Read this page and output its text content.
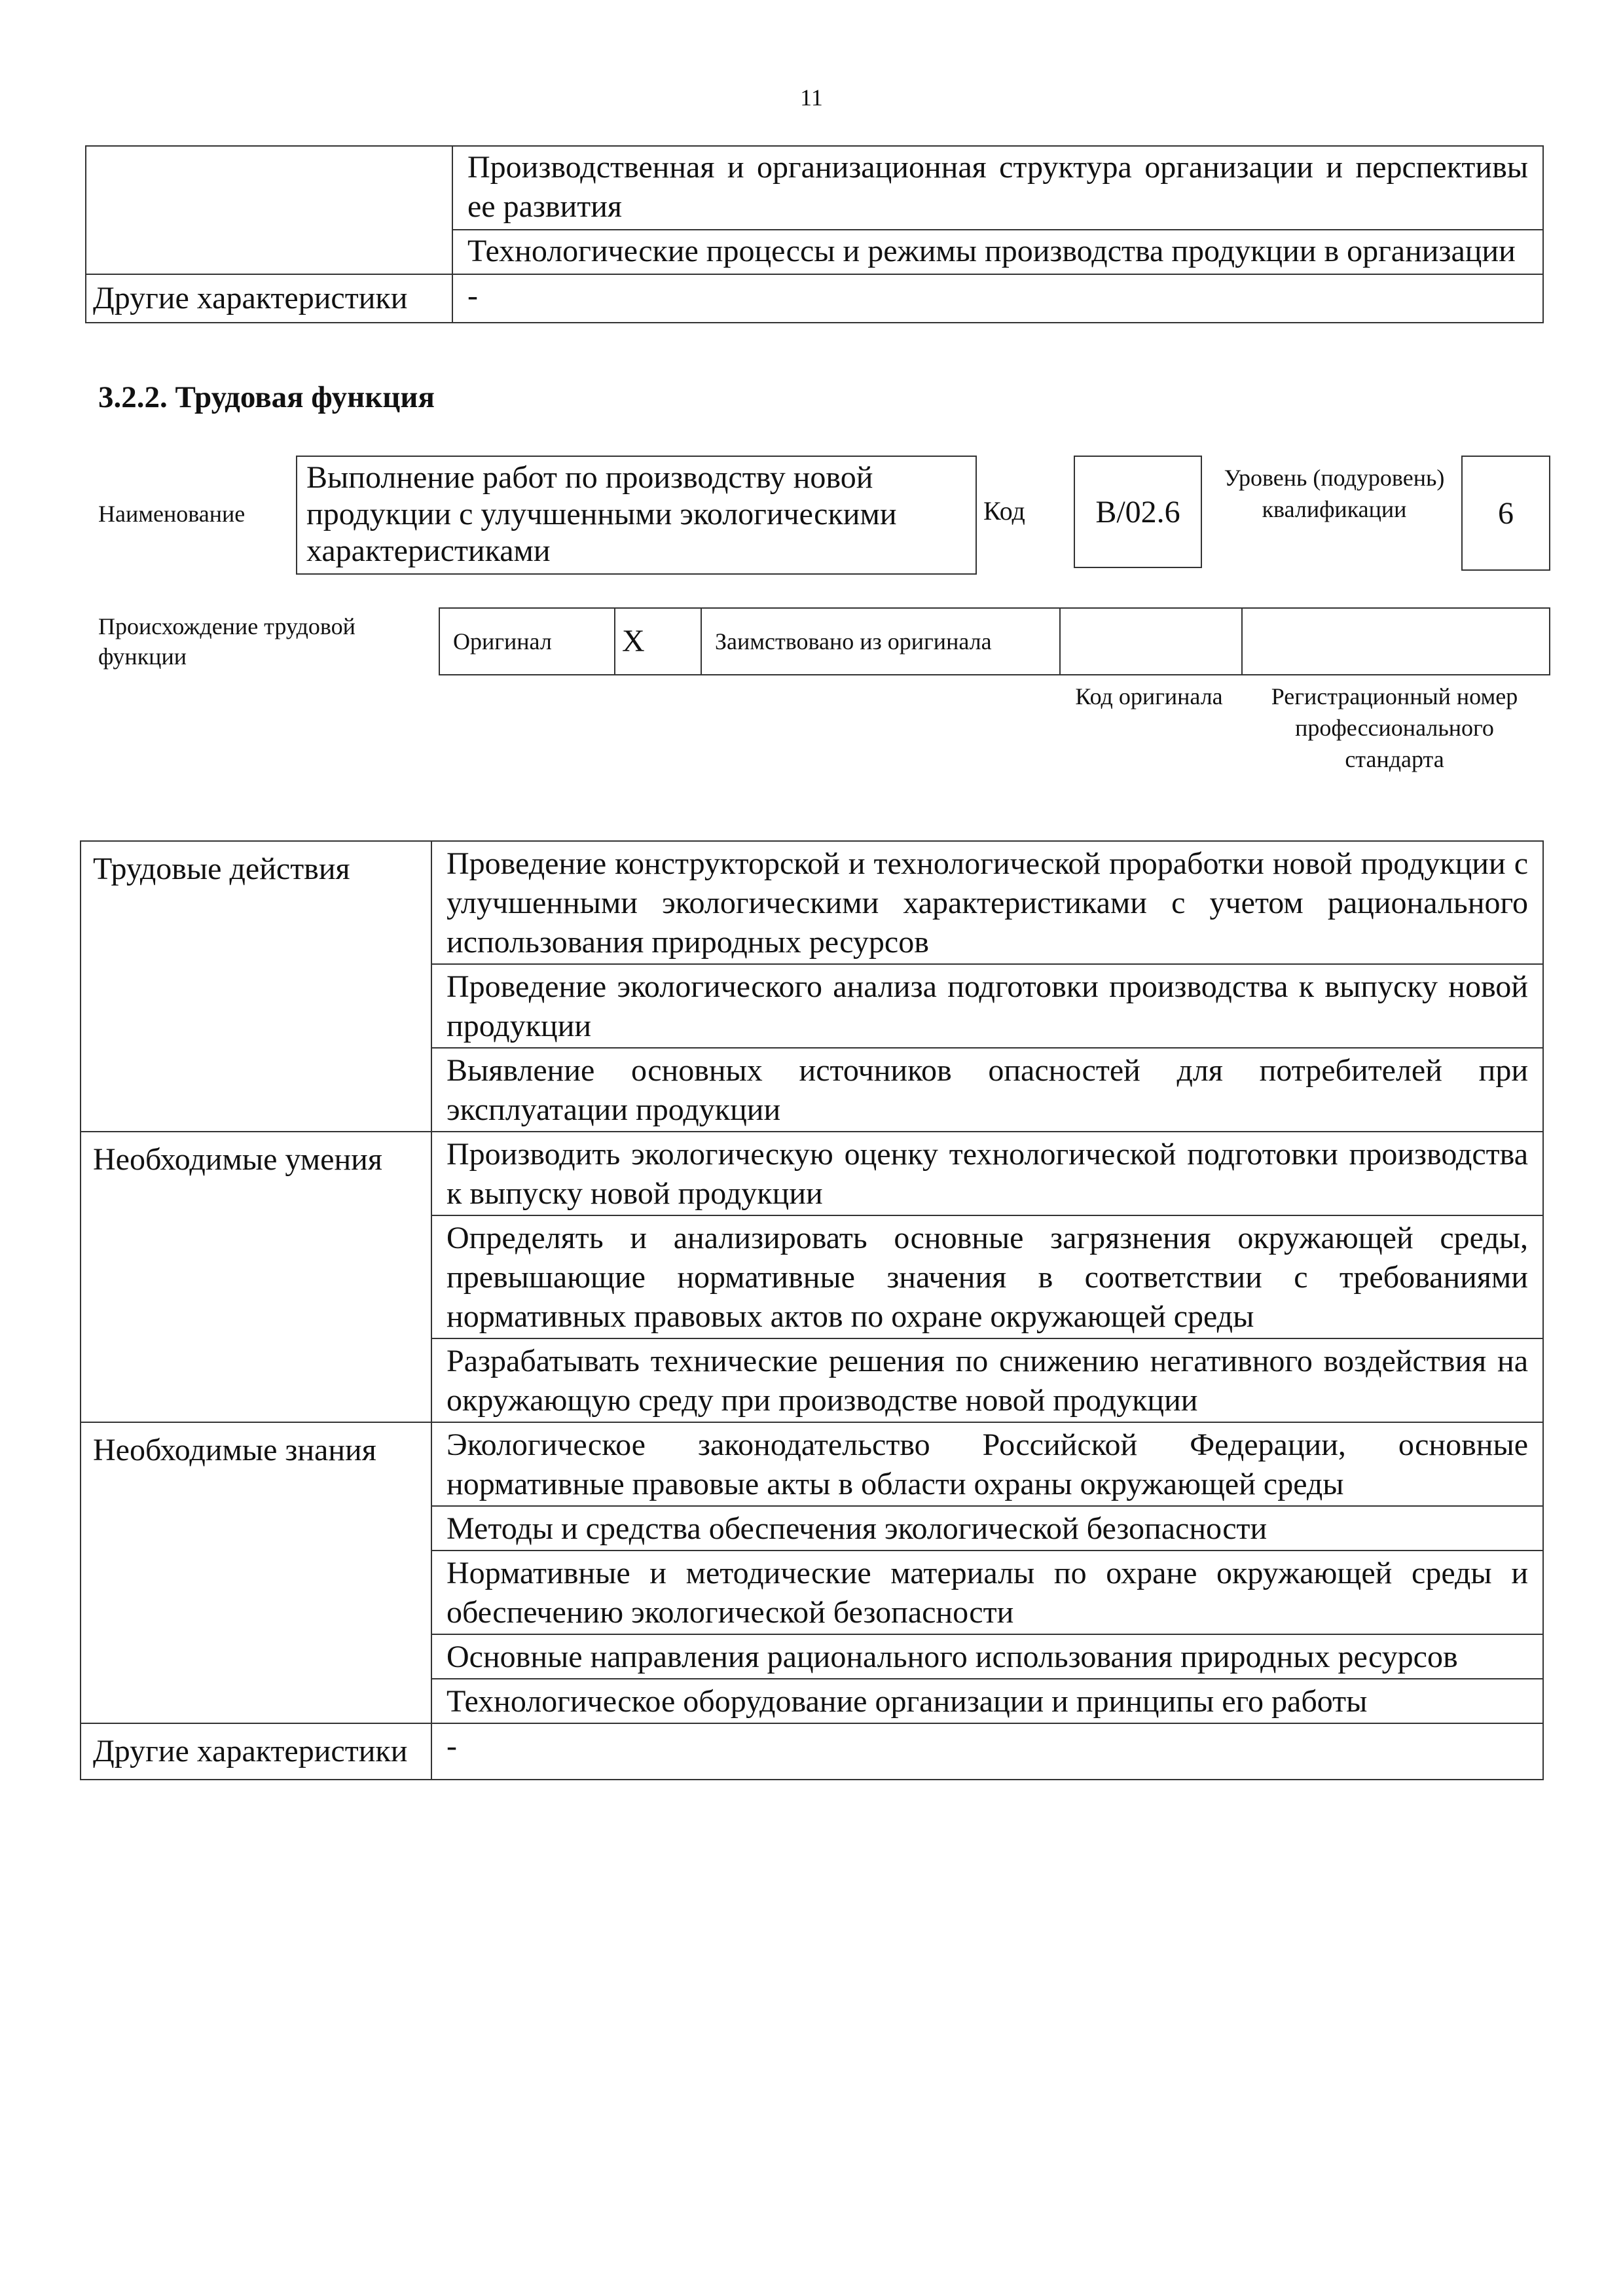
11
	Производственная и организационная структура организации и перспективы ее развития
	Технологические процессы и режимы производства продукции в организации
Другие характеристики	-
3.2.2. Трудовая функция
Наименование
Выполнение работ по производству новой продукции с улучшенными экологическими характеристиками
Код	B/02.6
Уровень (подуровень) квалификации	6
Происхождение трудовой функции
Оригинал	X	Заимствовано из оригинала		
Код оригинала	Регистрационный номер профессионального стандарта
Трудовые действия	Проведение конструкторской и технологической проработки новой продукции с улучшенными экологическими характеристиками с учетом рационального использования природных ресурсов
	Проведение экологического анализа подготовки производства к выпуску новой продукции
	Выявление основных источников опасностей для потребителей при эксплуатации продукции
Необходимые умения	Производить экологическую оценку технологической подготовки производства к выпуску новой продукции
	Определять и анализировать основные загрязнения окружающей среды, превышающие нормативные значения в соответствии с требованиями нормативных правовых актов по охране окружающей среды
	Разрабатывать технические решения по снижению негативного воздействия на окружающую среду при производстве новой продукции
Необходимые знания	Экологическое законодательство Российской Федерации, основные нормативные правовые акты в области охраны окружающей среды
	Методы и средства обеспечения экологической безопасности
	Нормативные и методические материалы по охране окружающей среды и обеспечению экологической безопасности
	Основные направления рационального использования природных ресурсов
	Технологическое оборудование организации и принципы его работы
Другие характеристики	-
